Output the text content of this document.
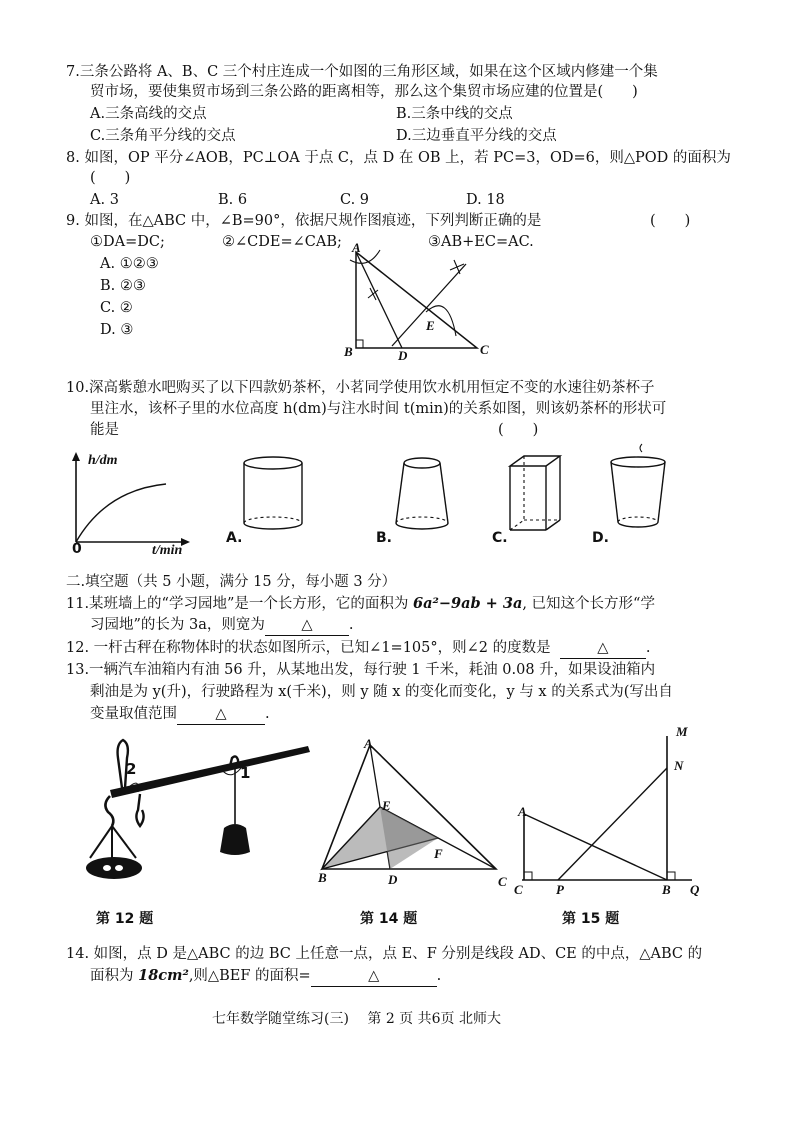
7.三条公路将 A、B、C 三个村庄连成一个如图的三角形区域，如果在这个区域内修建一个集
贸市场，要使集贸市场到三条公路的距离相等，那么这个集贸市场应建的位置是(　　)
A.三条高线的交点	B.三条中线的交点
C.三条角平分线的交点	D.三边垂直平分线的交点
8. 如图，OP 平分∠AOB，PC⊥OA 于点 C，点 D 在 OB 上，若 PC=3，OD=6，则△POD 的面积为
(　　)
A. 3	B. 6	C. 9	D. 18
9. 如图，在△ABC 中，∠B=90°，依据尺规作图痕迹，下列判断正确的是	(　　)
①DA=DC;	②∠CDE=∠CAB;	③AB+EC=AC.
A. ①②③
B. ②③
C. ②
D. ③
A
B	D
E
C
10.深高紫憩水吧购买了以下四款奶茶杯，小茗同学使用饮水机用恒定不变的水速往奶茶杯子
里注水，该杯子里的水位高度 h(dm)与注水时间 t(min)的关系如图，则该奶茶杯的形状可
能是	(　　)
h/dm
t/min
0
A.	B.	C.	D.
二.填空题（共 5 小题，满分 15 分，每小题 3 分）
11.某班墙上的“学习园地”是一个长方形，它的面积为 6a²−9ab + 3a, 已知这个长方形“学
习园地”的长为 3a，则宽为	△	.
12. 一杆古秤在称物体时的状态如图所示，已知∠1=105°，则∠2 的度数是	△	.
13.一辆汽车油箱内有油 56 升，从某地出发，每行驶 1 千米，耗油 0.08 升，如果设油箱内
剩油是为 y(升)，行驶路程为 x(千米)，则 y 随 x 的变化而变化，y 与 x 的关系式为(写出自
变量取值范围	△	.
2	1
第 12 题
A
E
F
B	D	C
第 14 题
M
N
A
C	P	B Q
第 15 题
14. 如图，点 D 是△ABC 的边 BC 上任意一点，点 E、F 分别是线段 AD、CE 的中点，△ABC 的
面积为 18cm²,则△BEF 的面积=	△	.
七年数学随堂练习(三)　 第 2 页 共6页 北师大
